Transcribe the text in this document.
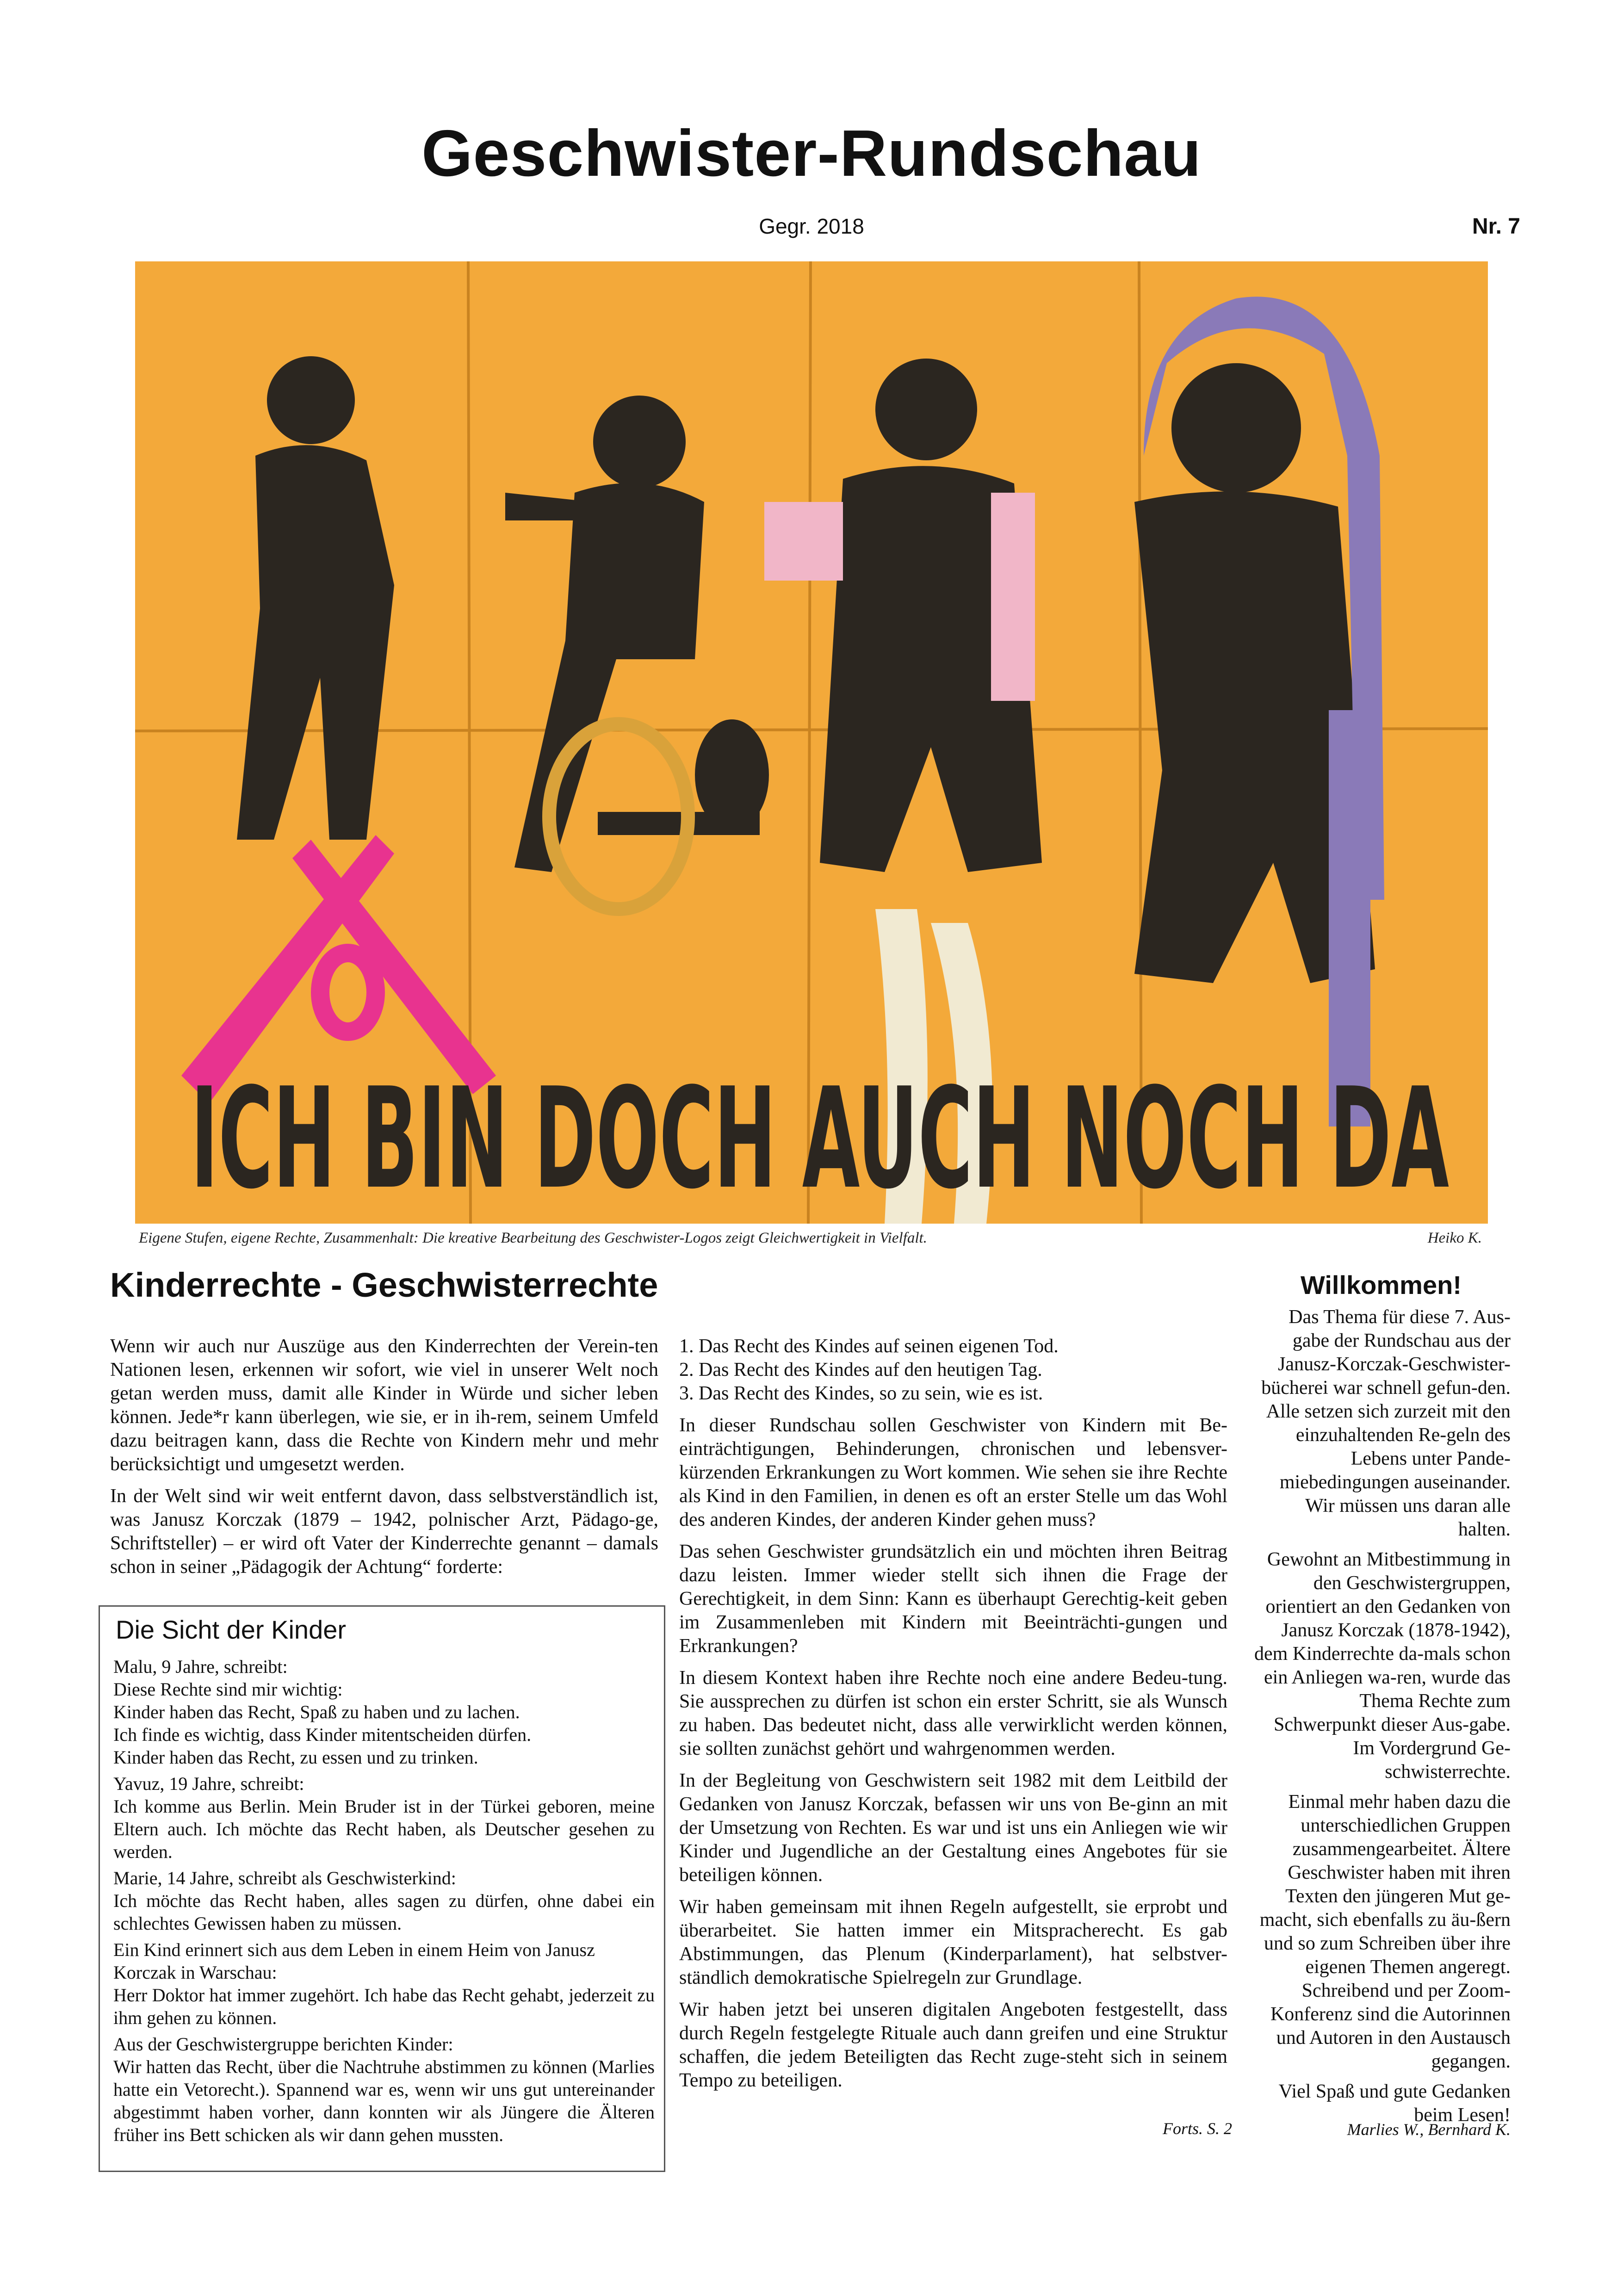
Geschwister-Rundschau
Gegr. 2018	Nr. 7
ICH BIN DOCH AUCH NOCH DA
Eigene Stufen, eigene Rechte, Zusammenhalt: Die kreative Bearbeitung des Geschwister-Logos zeigt Gleichwertigkeit in Vielfalt.	Heiko K.
Kinderrechte - Geschwisterrechte

Wenn wir auch nur Auszüge aus den Kinderrechten der Verein-ten Nationen lesen, erkennen wir sofort, wie viel in unserer Welt noch getan werden muss, damit alle Kinder in Würde und sicher leben können. Jede*r kann überlegen, wie sie, er in ih-rem, seinem Umfeld dazu beitragen kann, dass die Rechte von Kindern mehr und mehr berücksichtigt und umgesetzt werden.

In der Welt sind wir weit entfernt davon, dass selbstverständlich ist, was Janusz Korczak (1879 – 1942, polnischer Arzt, Pädago-ge, Schriftsteller) – er wird oft Vater der Kinderrechte genannt – damals schon in seiner „Pädagogik der Achtung“ forderte:

Die Sicht der Kinder

Malu, 9 Jahre, schreibt:
Diese Rechte sind mir wichtig:
Kinder haben das Recht, Spaß zu haben und zu lachen.
Ich finde es wichtig, dass Kinder mitentscheiden dürfen.
Kinder haben das Recht, zu essen und zu trinken.

Yavuz, 19 Jahre, schreibt:
Ich komme aus Berlin. Mein Bruder ist in der Türkei geboren, meine Eltern auch. Ich möchte das Recht haben, als Deutscher gesehen zu werden.

Marie, 14 Jahre, schreibt als Geschwisterkind:
Ich möchte das Recht haben, alles sagen zu dürfen, ohne dabei ein schlechtes Gewissen haben zu müssen.

Ein Kind erinnert sich aus dem Leben in einem Heim von Janusz Korczak in Warschau:
Herr Doktor hat immer zugehört. Ich habe das Recht gehabt, jederzeit zu ihm gehen zu können.

Aus der Geschwistergruppe berichten Kinder:
Wir hatten das Recht, über die Nachtruhe abstimmen zu können (Marlies hatte ein Vetorecht.). Spannend war es, wenn wir uns gut untereinander abgestimmt haben vorher, dann konnten wir als Jüngere die Älteren früher ins Bett schicken als wir dann gehen mussten.

1. Das Recht des Kindes auf seinen eigenen Tod.

2. Das Recht des Kindes auf den heutigen Tag.

3. Das Recht des Kindes, so zu sein, wie es ist.

In dieser Rundschau sollen Geschwister von Kindern mit Be-einträchtigungen, Behinderungen, chronischen und lebensver-kürzenden Erkrankungen zu Wort kommen. Wie sehen sie ihre Rechte als Kind in den Familien, in denen es oft an erster Stelle um das Wohl des anderen Kindes, der anderen Kinder gehen muss?

Das sehen Geschwister grundsätzlich ein und möchten ihren Beitrag dazu leisten. Immer wieder stellt sich ihnen die Frage der Gerechtigkeit, in dem Sinn: Kann es überhaupt Gerechtig-keit geben im Zusammenleben mit Kindern mit Beeinträchti-gungen und Erkrankungen?

In diesem Kontext haben ihre Rechte noch eine andere Bedeu-tung. Sie aussprechen zu dürfen ist schon ein erster Schritt, sie als Wunsch zu haben. Das bedeutet nicht, dass alle verwirklicht werden können, sie sollten zunächst gehört und wahrgenommen werden.

In der Begleitung von Geschwistern seit 1982 mit dem Leitbild der Gedanken von Janusz Korczak, befassen wir uns von Be-ginn an mit der Umsetzung von Rechten. Es war und ist uns ein Anliegen wie wir Kinder und Jugendliche an der Gestaltung eines Angebotes für sie beteiligen können.

Wir haben gemeinsam mit ihnen Regeln aufgestellt, sie erprobt und überarbeitet. Sie hatten immer ein Mitspracherecht. Es gab Abstimmungen, das Plenum (Kinderparlament), hat selbstver-ständlich demokratische Spielregeln zur Grundlage.

Wir haben jetzt bei unseren digitalen Angeboten festgestellt, dass durch Regeln festgelegte Rituale auch dann greifen und eine Struktur schaffen, die jedem Beteiligten das Recht zuge-steht sich in seinem Tempo zu beteiligen.

Forts. S. 2
Willkommen!

Das Thema für diese 7. Aus-gabe der Rundschau aus der Janusz-Korczak-Geschwister-bücherei war schnell gefun-den. Alle setzen sich zurzeit mit den einzuhaltenden Re-geln des Lebens unter Pande-miebedingungen auseinander. Wir müssen uns daran alle halten.

Gewohnt an Mitbestimmung in den Geschwistergruppen, orientiert an den Gedanken von Janusz Korczak (1878-1942), dem Kinderrechte da-mals schon ein Anliegen wa-ren, wurde das Thema Rechte zum Schwerpunkt dieser Aus-gabe. Im Vordergrund Ge-schwisterrechte.

Einmal mehr haben dazu die unterschiedlichen Gruppen zusammengearbeitet. Ältere Geschwister haben mit ihren Texten den jüngeren Mut ge-macht, sich ebenfalls zu äu-ßern und so zum Schreiben über ihre eigenen Themen angeregt. Schreibend und per Zoom-Konferenz sind die Autorinnen und Autoren in den Austausch gegangen.

Viel Spaß und gute Gedanken beim Lesen!

Marlies W., Bernhard K.
